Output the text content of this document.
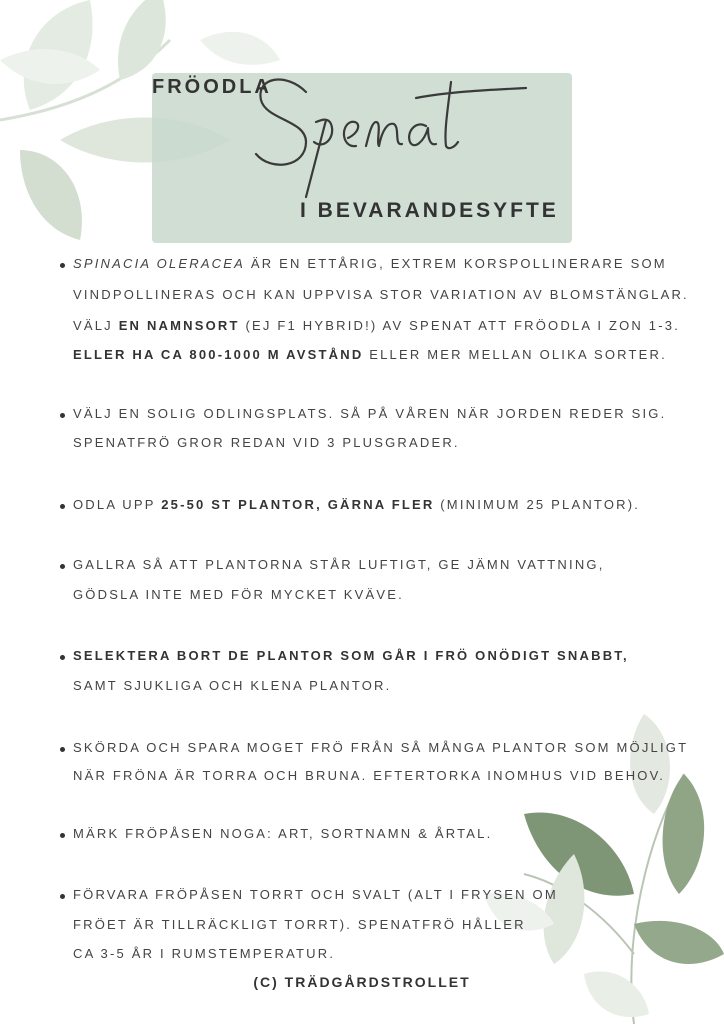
FRÖODLA
I BEVARANDESYFTE
SPINACIA OLERACEA ÄR EN ETTÅRIG, EXTREM KORSPOLLINERARE SOM
VINDPOLLINERAS OCH KAN UPPVISA STOR VARIATION AV BLOMSTÄNGLAR.
VÄLJ EN NAMNSORT (EJ F1 HYBRID!) AV SPENAT ATT FRÖODLA I ZON 1-3.
ELLER HA CA 800-1000 M AVSTÅND ELLER MER MELLAN OLIKA SORTER.
VÄLJ EN SOLIG ODLINGSPLATS. SÅ PÅ VÅREN NÄR JORDEN REDER SIG.
SPENATFRÖ GROR REDAN VID 3 PLUSGRADER.
ODLA UPP 25-50 ST PLANTOR, GÄRNA FLER (MINIMUM 25 PLANTOR).
GALLRA SÅ ATT PLANTORNA STÅR LUFTIGT, GE JÄMN VATTNING,
GÖDSLA INTE MED FÖR MYCKET KVÄVE.
SELEKTERA BORT DE PLANTOR SOM GÅR I FRÖ ONÖDIGT SNABBT,
SAMT SJUKLIGA OCH KLENA PLANTOR.
SKÖRDA OCH SPARA MOGET FRÖ FRÅN SÅ MÅNGA PLANTOR SOM MÖJLIGT
NÄR FRÖNA ÄR TORRA OCH BRUNA. EFTERTORKA INOMHUS VID BEHOV.
MÄRK FRÖPÅSEN NOGA: ART, SORTNAMN & ÅRTAL.
FÖRVARA FRÖPÅSEN TORRT OCH SVALT (ALT I FRYSEN OM
FRÖET ÄR TILLRÄCKLIGT TORRT). SPENATFRÖ HÅLLER
CA 3-5 ÅR I RUMSTEMPERATUR.
(C) TRÄDGÅRDSTROLLET
